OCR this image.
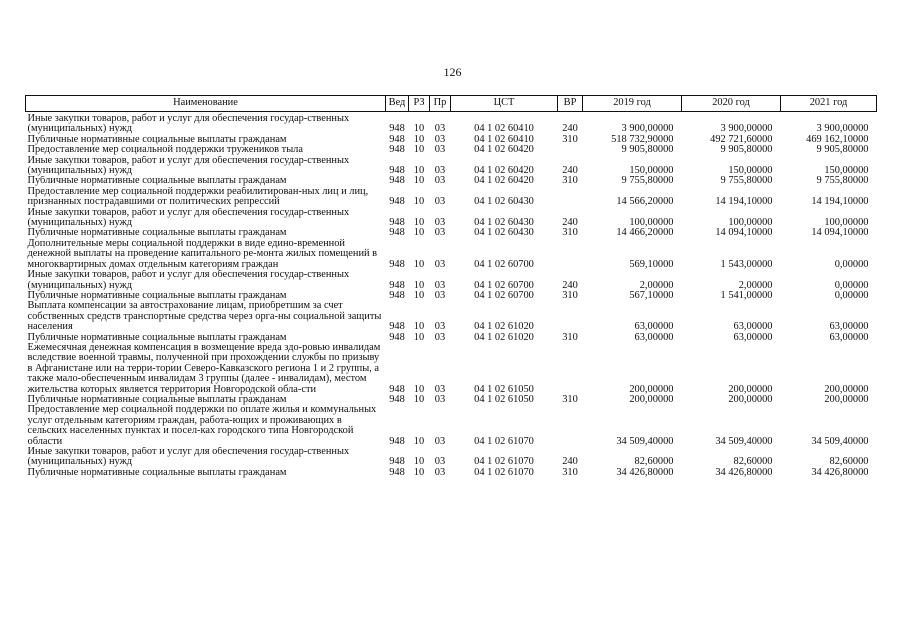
126
Наименование	Вед	РЗ	Пр	ЦСТ	ВР	2019 год	2020 год	2021 год
Иные закупки товаров, работ и услуг для обеспечения государ-ственных (муниципальных) нужд	948	10	03	04 1 02 60410	240	3 900,00000	3 900,00000	3 900,00000
Публичные нормативные социальные выплаты гражданам	948	10	03	04 1 02 60410	310	518 732,90000	492 721,60000	469 162,10000
Предоставление мер социальной поддержки тружеников тыла	948	10	03	04 1 02 60420		9 905,80000	9 905,80000	9 905,80000
Иные закупки товаров, работ и услуг для обеспечения государ-ственных (муниципальных) нужд	948	10	03	04 1 02 60420	240	150,00000	150,00000	150,00000
Публичные нормативные социальные выплаты гражданам	948	10	03	04 1 02 60420	310	9 755,80000	9 755,80000	9 755,80000
Предоставление мер социальной поддержки реабилитирован-ных лиц и лиц, признанных пострадавшими от политических репрессий	948	10	03	04 1 02 60430		14 566,20000	14 194,10000	14 194,10000
Иные закупки товаров, работ и услуг для обеспечения государ-ственных (муниципальных) нужд	948	10	03	04 1 02 60430	240	100,00000	100,00000	100,00000
Публичные нормативные социальные выплаты гражданам	948	10	03	04 1 02 60430	310	14 466,20000	14 094,10000	14 094,10000
Дополнительные меры социальной поддержки в виде едино-временной денежной выплаты на проведение капитального ре-монта жилых помещений в многоквартирных домах отдельным категориям граждан	948	10	03	04 1 02 60700		569,10000	1 543,00000	0,00000
Иные закупки товаров, работ и услуг для обеспечения государ-ственных (муниципальных) нужд	948	10	03	04 1 02 60700	240	2,00000	2,00000	0,00000
Публичные нормативные социальные выплаты гражданам	948	10	03	04 1 02 60700	310	567,10000	1 541,00000	0,00000
Выплата компенсации за автострахование лицам, приобретшим за счет собственных средств транспортные средства через орга-ны социальной защиты населения	948	10	03	04 1 02 61020		63,00000	63,00000	63,00000
Публичные нормативные социальные выплаты гражданам	948	10	03	04 1 02 61020	310	63,00000	63,00000	63,00000
Ежемесячная денежная компенсация в возмещение вреда здо-ровью инвалидам вследствие военной травмы, полученной при прохождении службы по призыву в Афганистане или на терри-тории Северо-Кавказского региона 1 и 2 группы, а также мало-обеспеченным инвалидам 3 группы (далее - инвалидам), местом жительства которых является территория Новгородской обла-сти	948	10	03	04 1 02 61050		200,00000	200,00000	200,00000
Публичные нормативные социальные выплаты гражданам	948	10	03	04 1 02 61050	310	200,00000	200,00000	200,00000
Предоставление мер социальной поддержки по оплате жилья и коммунальных услуг отдельным категориям граждан, работа-ющих и проживающих в сельских населенных пунктах и посел-ках городского типа Новгородской области	948	10	03	04 1 02 61070		34 509,40000	34 509,40000	34 509,40000
Иные закупки товаров, работ и услуг для обеспечения государ-ственных (муниципальных) нужд	948	10	03	04 1 02 61070	240	82,60000	82,60000	82,60000
Публичные нормативные социальные выплаты гражданам	948	10	03	04 1 02 61070	310	34 426,80000	34 426,80000	34 426,80000
